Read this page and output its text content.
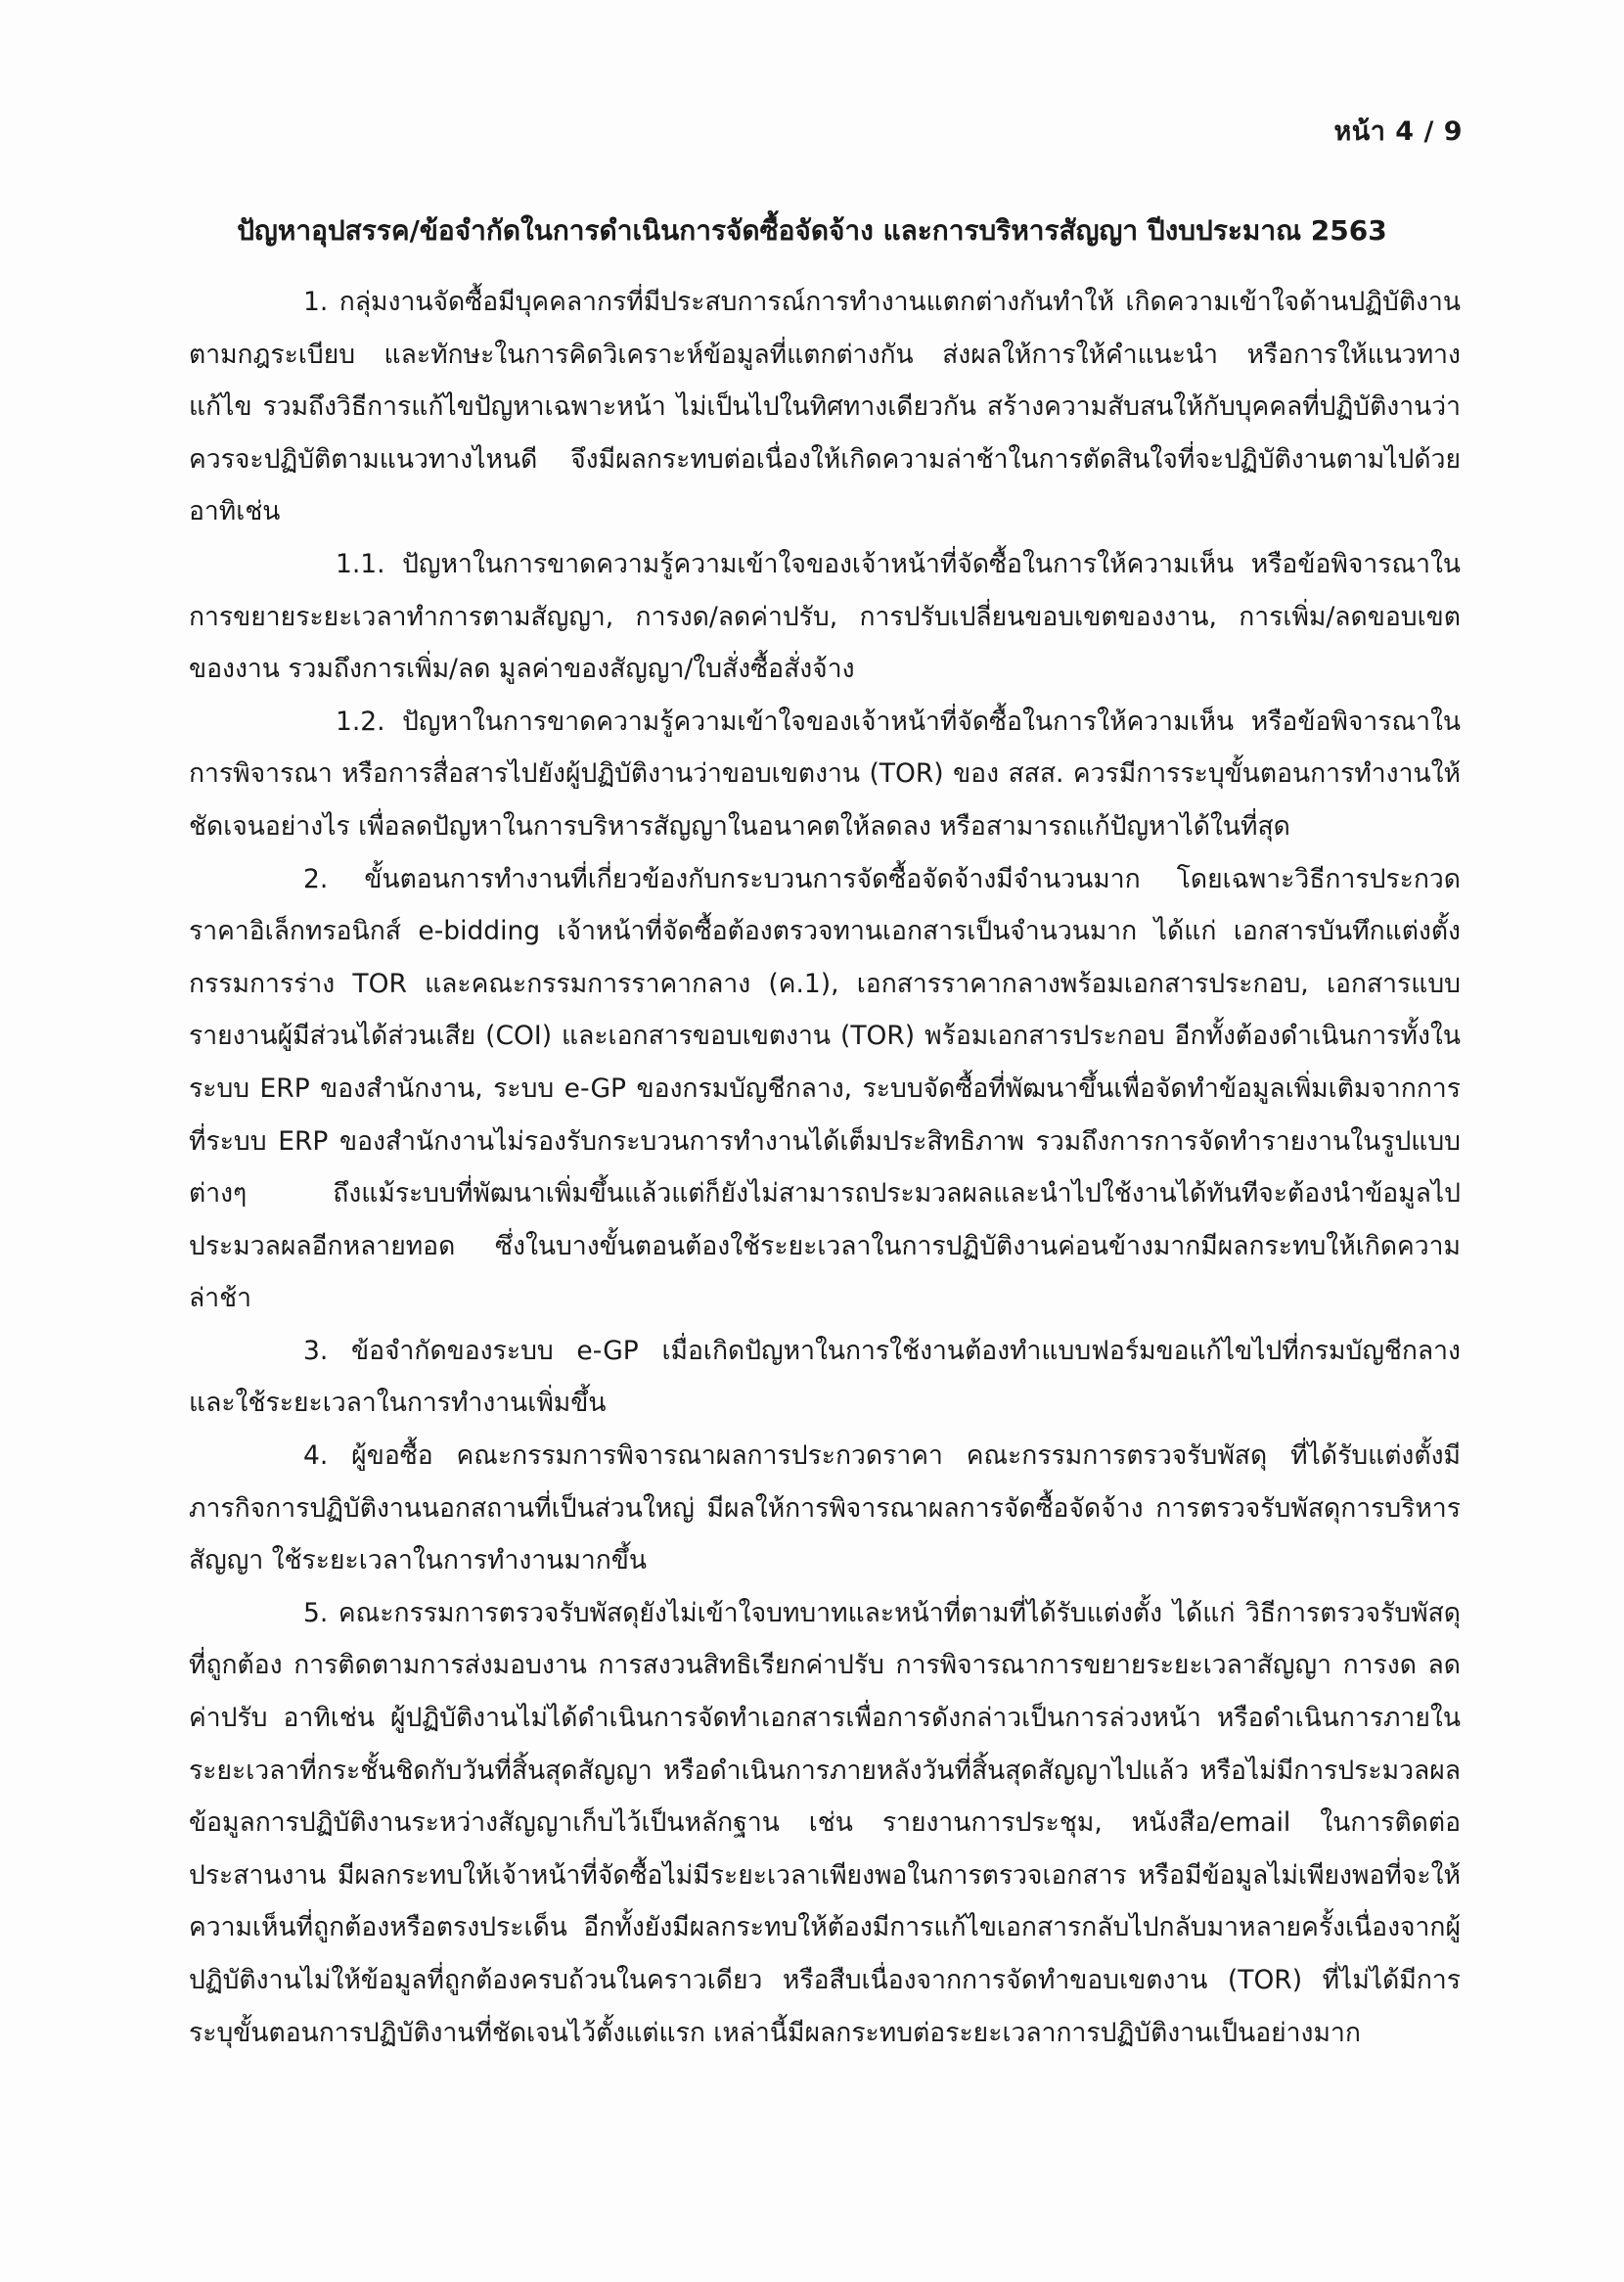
หน้า 4 / 9
ปัญหาอุปสรรค/ข้อจำกัดในการดำเนินการจัดซื้อจัดจ้าง และการบริหารสัญญา ปีงบประมาณ 2563

1. กลุ่มงานจัดซื้อมีบุคคลากรที่มีประสบการณ์การทำงานแตกต่างกันทำให้ เกิดความเข้าใจด้านปฏิบัติงานตามกฎระเบียบ และทักษะในการคิดวิเคราะห์ข้อมูลที่แตกต่างกัน ส่งผลให้การให้คำแนะนำ หรือการให้แนวทางแก้ไข รวมถึงวิธีการแก้ไขปัญหาเฉพาะหน้า ไม่เป็นไปในทิศทางเดียวกัน สร้างความสับสนให้กับบุคคลที่ปฏิบัติงานว่าควรจะปฏิบัติตามแนวทางไหนดี จึงมีผลกระทบต่อเนื่องให้เกิดความล่าช้าในการตัดสินใจที่จะปฏิบัติงานตามไปด้วย อาทิเช่น

1.1. ปัญหาในการขาดความรู้ความเข้าใจของเจ้าหน้าที่จัดซื้อในการให้ความเห็น หรือข้อพิจารณาในการขยายระยะเวลาทำการตามสัญญา, การงด/ลดค่าปรับ, การปรับเปลี่ยนขอบเขตของงาน, การเพิ่ม/ลดขอบเขตของงาน รวมถึงการเพิ่ม/ลด มูลค่าของสัญญา/ใบสั่งซื้อสั่งจ้าง

1.2. ปัญหาในการขาดความรู้ความเข้าใจของเจ้าหน้าที่จัดซื้อในการให้ความเห็น หรือข้อพิจารณาในการพิจารณา หรือการสื่อสารไปยังผู้ปฏิบัติงานว่าขอบเขตงาน (TOR) ของ สสส. ควรมีการระบุขั้นตอนการทำงานให้ชัดเจนอย่างไร เพื่อลดปัญหาในการบริหารสัญญาในอนาคตให้ลดลง หรือสามารถแก้ปัญหาได้ในที่สุด

2. ขั้นตอนการทำงานที่เกี่ยวข้องกับกระบวนการจัดซื้อจัดจ้างมีจำนวนมาก โดยเฉพาะวิธีการประกวดราคาอิเล็กทรอนิกส์ e-bidding เจ้าหน้าที่จัดซื้อต้องตรวจทานเอกสารเป็นจำนวนมาก ได้แก่ เอกสารบันทึกแต่งตั้งกรรมการร่าง TOR และคณะกรรมการราคากลาง (ค.1), เอกสารราคากลางพร้อมเอกสารประกอบ, เอกสารแบบรายงานผู้มีส่วนได้ส่วนเสีย (COI) และเอกสารขอบเขตงาน (TOR) พร้อมเอกสารประกอบ อีกทั้งต้องดำเนินการทั้งในระบบ ERP ของสำนักงาน, ระบบ e-GP ของกรมบัญชีกลาง, ระบบจัดซื้อที่พัฒนาขึ้นเพื่อจัดทำข้อมูลเพิ่มเติมจากการที่ระบบ ERP ของสำนักงานไม่รองรับกระบวนการทำงานได้เต็มประสิทธิภาพ รวมถึงการการจัดทำรายงานในรูปแบบต่างๆ ถึงแม้ระบบที่พัฒนาเพิ่มขึ้นแล้วแต่ก็ยังไม่สามารถประมวลผลและนำไปใช้งานได้ทันทีจะต้องนำข้อมูลไปประมวลผลอีกหลายทอด ซึ่งในบางขั้นตอนต้องใช้ระยะเวลาในการปฏิบัติงานค่อนข้างมากมีผลกระทบให้เกิดความล่าช้า

3. ข้อจำกัดของระบบ e-GP เมื่อเกิดปัญหาในการใช้งานต้องทำแบบฟอร์มขอแก้ไขไปที่กรมบัญชีกลางและใช้ระยะเวลาในการทำงานเพิ่มขึ้น

4. ผู้ขอซื้อ คณะกรรมการพิจารณาผลการประกวดราคา คณะกรรมการตรวจรับพัสดุ ที่ได้รับแต่งตั้งมีภารกิจการปฏิบัติงานนอกสถานที่เป็นส่วนใหญ่ มีผลให้การพิจารณาผลการจัดซื้อจัดจ้าง การตรวจรับพัสดุการบริหารสัญญา ใช้ระยะเวลาในการทำงานมากขึ้น

5. คณะกรรมการตรวจรับพัสดุยังไม่เข้าใจบทบาทและหน้าที่ตามที่ได้รับแต่งตั้ง ได้แก่ วิธีการตรวจรับพัสดุที่ถูกต้อง การติดตามการส่งมอบงาน การสงวนสิทธิเรียกค่าปรับ การพิจารณาการขยายระยะเวลาสัญญา การงด ลดค่าปรับ อาทิเช่น ผู้ปฏิบัติงานไม่ได้ดำเนินการจัดทำเอกสารเพื่อการดังกล่าวเป็นการล่วงหน้า หรือดำเนินการภายในระยะเวลาที่กระชั้นชิดกับวันที่สิ้นสุดสัญญา หรือดำเนินการภายหลังวันที่สิ้นสุดสัญญาไปแล้ว หรือไม่มีการประมวลผลข้อมูลการปฏิบัติงานระหว่างสัญญาเก็บไว้เป็นหลักฐาน เช่น รายงานการประชุม, หนังสือ/email ในการติดต่อประสานงาน มีผลกระทบให้เจ้าหน้าที่จัดซื้อไม่มีระยะเวลาเพียงพอในการตรวจเอกสาร หรือมีข้อมูลไม่เพียงพอที่จะให้ความเห็นที่ถูกต้องหรือตรงประเด็น อีกทั้งยังมีผลกระทบให้ต้องมีการแก้ไขเอกสารกลับไปกลับมาหลายครั้งเนื่องจากผู้ปฏิบัติงานไม่ให้ข้อมูลที่ถูกต้องครบถ้วนในคราวเดียว หรือสืบเนื่องจากการจัดทำขอบเขตงาน (TOR) ที่ไม่ได้มีการระบุขั้นตอนการปฏิบัติงานที่ชัดเจนไว้ตั้งแต่แรก เหล่านี้มีผลกระทบต่อระยะเวลาการปฏิบัติงานเป็นอย่างมาก
